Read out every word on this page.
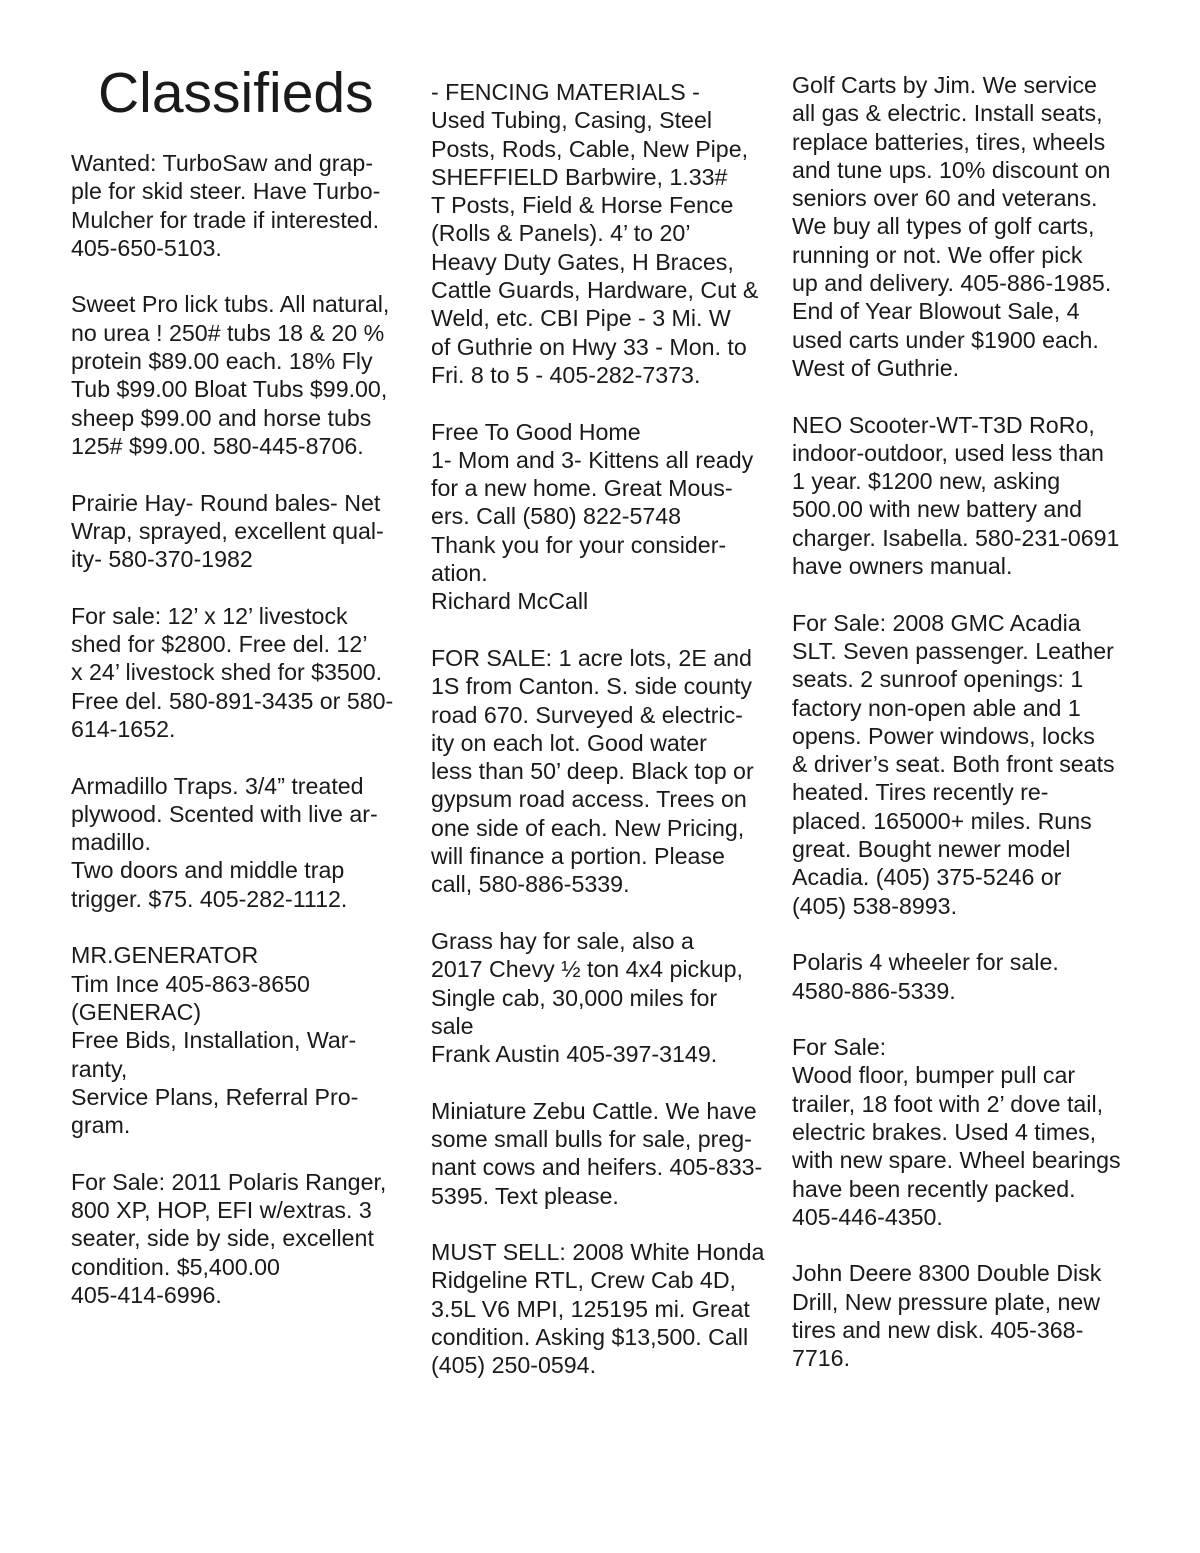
Classifieds

Wanted: TurboSaw and grap-
ple for skid steer. Have Turbo-
Mulcher for trade if interested.
405-650-5103.

Sweet Pro lick tubs. All natural,
no urea ! 250# tubs 18 & 20 %
protein $89.00 each. 18% Fly
Tub $99.00 Bloat Tubs $99.00,
sheep $99.00 and horse tubs
125# $99.00. 580-445-8706.

Prairie Hay- Round bales- Net
Wrap, sprayed, excellent qual-
ity- 580-370-1982

For sale: 12’ x 12’ livestock
shed for $2800. Free del. 12’
x 24’ livestock shed for $3500.
Free del. 580-891-3435 or 580-
614-1652.

Armadillo Traps. 3/4” treated
plywood. Scented with live ar-
madillo.
Two doors and middle trap
trigger. $75. 405-282-1112.

MR.GENERATOR
Tim Ince 405-863-8650
(GENERAC)
Free Bids, Installation, War-
ranty,
Service Plans, Referral Pro-
gram.

For Sale: 2011 Polaris Ranger,
800 XP, HOP, EFI w/extras. 3
seater, side by side, excellent
condition. $5,400.00
405-414-6996.

- FENCING MATERIALS -
Used Tubing, Casing, Steel
Posts, Rods, Cable, New Pipe,
SHEFFIELD Barbwire, 1.33#
T Posts, Field & Horse Fence
(Rolls & Panels). 4’ to 20’
Heavy Duty Gates, H Braces,
Cattle Guards, Hardware, Cut &
Weld, etc. CBI Pipe - 3 Mi. W
of Guthrie on Hwy 33 - Mon. to
Fri. 8 to 5 - 405-282-7373.

Free To Good Home
1- Mom and 3- Kittens all ready
for a new home. Great Mous-
ers. Call (580) 822-5748
Thank you for your consider-
ation.
Richard McCall

FOR SALE: 1 acre lots, 2E and
1S from Canton. S. side county
road 670. Surveyed & electric-
ity on each lot. Good water
less than 50’ deep. Black top or
gypsum road access. Trees on
one side of each. New Pricing,
will finance a portion. Please
call, 580-886-5339.

Grass hay for sale, also a
2017 Chevy ½ ton 4x4 pickup,
Single cab, 30,000 miles for
sale
Frank Austin 405-397-3149.

Miniature Zebu Cattle. We have
some small bulls for sale, preg-
nant cows and heifers. 405-833-
5395. Text please.

MUST SELL: 2008 White Honda
Ridgeline RTL, Crew Cab 4D,
3.5L V6 MPI, 125195 mi. Great
condition. Asking $13,500. Call
(405) 250-0594.

Golf Carts by Jim. We service
all gas & electric. Install seats,
replace batteries, tires, wheels
and tune ups. 10% discount on
seniors over 60 and veterans.
We buy all types of golf carts,
running or not. We offer pick
up and delivery. 405-886-1985.
End of Year Blowout Sale, 4
used carts under $1900 each.
West of Guthrie.

NEO Scooter-WT-T3D RoRo,
indoor-outdoor, used less than
1 year. $1200 new, asking
500.00 with new battery and
charger. Isabella. 580-231-0691
have owners manual.

For Sale: 2008 GMC Acadia
SLT. Seven passenger. Leather
seats. 2 sunroof openings: 1
factory non-open able and 1
opens. Power windows, locks
& driver’s seat. Both front seats
heated. Tires recently re-
placed. 165000+ miles. Runs
great. Bought newer model
Acadia. (405) 375-5246 or
(405) 538-8993.

Polaris 4 wheeler for sale.
4580-886-5339.

For Sale:
Wood floor, bumper pull car
trailer, 18 foot with 2’ dove tail,
electric brakes. Used 4 times,
with new spare. Wheel bearings
have been recently packed.
405-446-4350.

John Deere 8300 Double Disk
Drill, New pressure plate, new
tires and new disk. 405-368-
7716.
